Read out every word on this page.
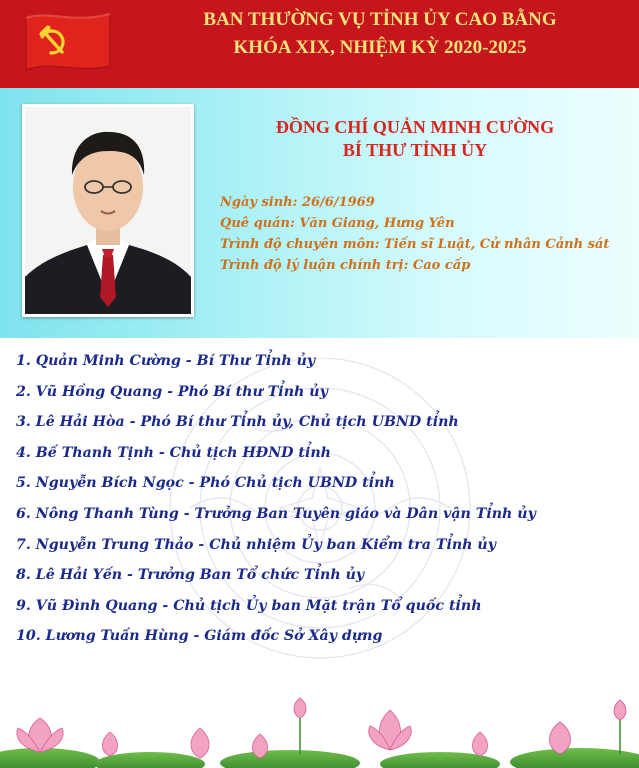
BAN THƯỜNG VỤ TỈNH ỦY CAO BẰNG
KHÓA XIX, NHIỆM KỲ 2020-2025
ĐỒNG CHÍ QUẢN MINH CƯỜNG
BÍ THƯ TỈNH ỦY
Ngày sinh: 26/6/1969
Quê quán: Văn Giang, Hưng Yên
Trình độ chuyên môn: Tiến sĩ Luật, Cử nhân Cảnh sát
Trình độ lý luận chính trị: Cao cấp
1. Quản Minh Cường - Bí Thư Tỉnh ủy
2. Vũ Hồng Quang - Phó Bí thư Tỉnh ủy
3. Lê Hải Hòa - Phó Bí thư Tỉnh ủy, Chủ tịch UBND tỉnh
4. Bế Thanh Tịnh - Chủ tịch HĐND tỉnh
5. Nguyễn Bích Ngọc - Phó Chủ tịch UBND tỉnh
6. Nông Thanh Tùng - Trưởng Ban Tuyên giáo và Dân vận Tỉnh ủy
7. Nguyễn Trung Thảo - Chủ nhiệm Ủy ban Kiểm tra Tỉnh ủy
8. Lê Hải Yến - Trưởng Ban Tổ chức Tỉnh ủy
9. Vũ Đình Quang - Chủ tịch Ủy ban Mặt trận Tổ quốc tỉnh
10. Lương Tuấn Hùng - Giám đốc Sở Xây dựng
